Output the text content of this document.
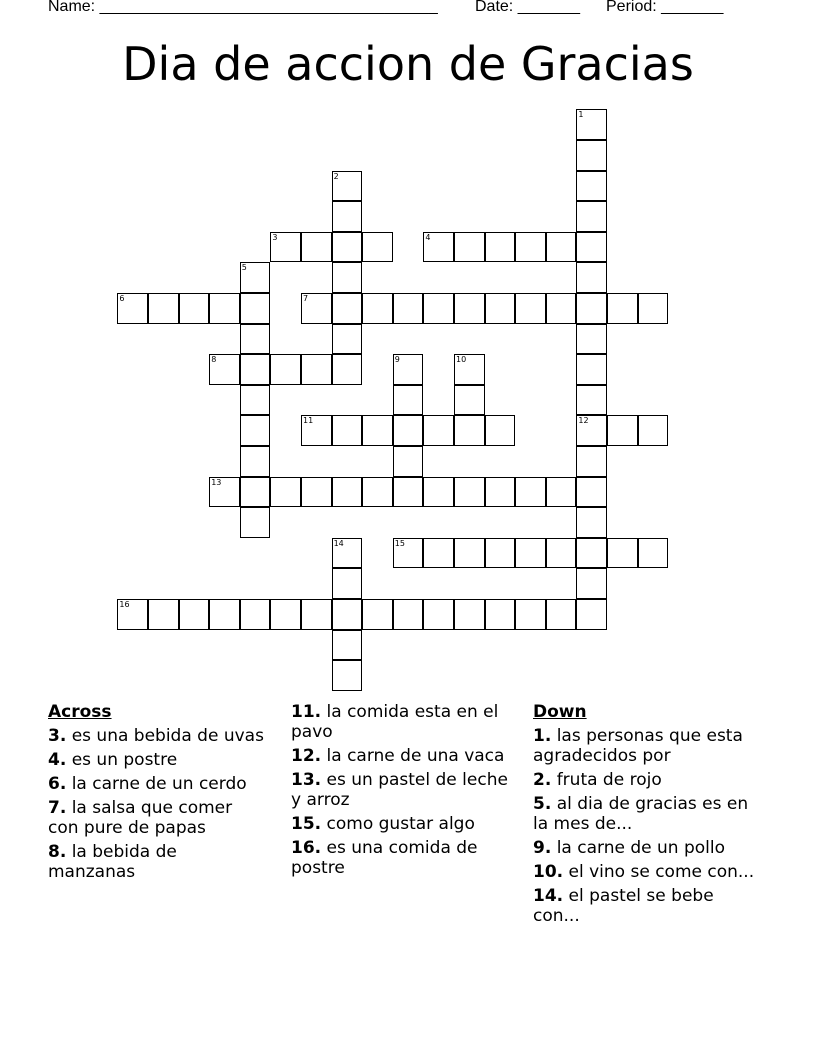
Name: ______________________________________ Date: _______ Period: _______
Dia de accion de Gracias
1
12
2
3	4
5
6	7
8	9	10
11
13
14	15
16
Across
3. es una bebida de uvas
4. es un postre
6. la carne de un cerdo
7. la salsa que comer con pure de papas
8. la bebida de manzanas
11. la comida esta en el pavo
12. la carne de una vaca
13. es un pastel de leche y arroz
15. como gustar algo
16. es una comida de postre
Down
1. las personas que esta agradecidos por
2. fruta de rojo
5. al dia de gracias es en la mes de...
9. la carne de un pollo
10. el vino se come con...
14. el pastel se bebe con...
